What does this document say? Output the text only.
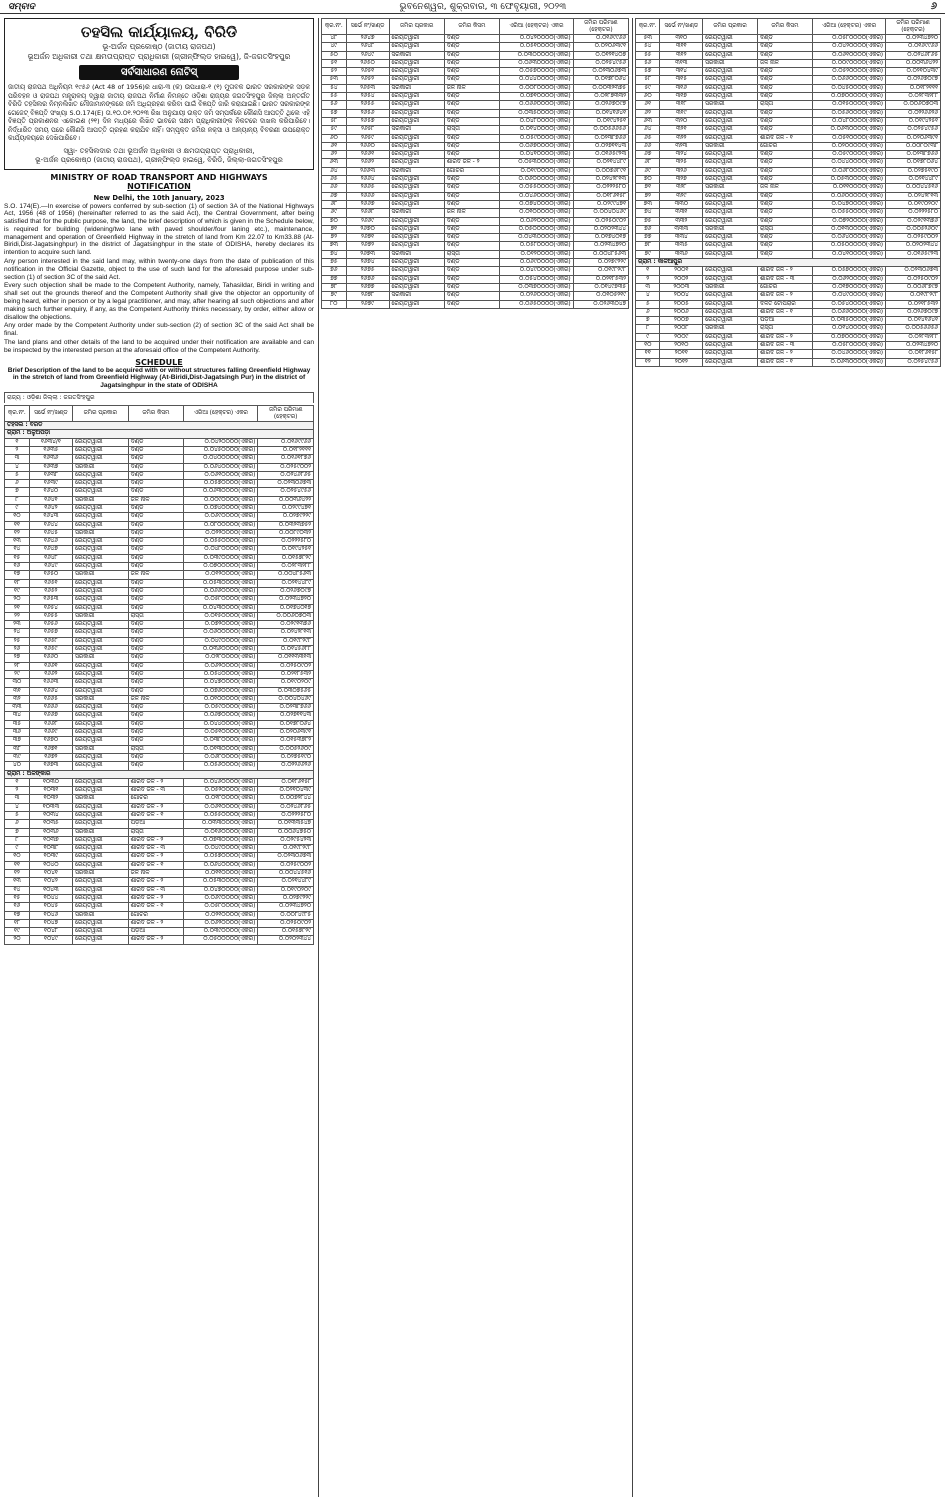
ସମ୍ବାଦ	ଭୁବନେଶ୍ୱର, ଶୁକ୍ରବାର, ୩ ଫେବୃୟାରୀ, ୨୦୨୩	୬
ତହସିଲ କାର୍ଯ୍ୟାଳୟ, ବିରିଡି
ଭୂ-ଅର୍ଜନ ପ୍ରକୋଷ୍ଠ (ଜାତୀୟ ରାଜପଥ)
ଭୂଅର୍ଜନ ଅଧିକାରୀ ତଥା କ୍ଷମତାପ୍ରାପ୍ତ ପ୍ରାଧିକାରୀ (ଗ୍ରୀନ୍‌ଫିଲ୍ଡ ହାଇୱେ), ଜି-ଜଗତସିଂହପୁର
ସର୍ବସାଧାରଣ ନୋଟିସ୍
ଜାତୀୟ ରାଜପଥ ଅଧିନିୟମ ୧୯୫୬ (Act 48 of 1956)ର ଧାରା-୩ (କ) ଉପଧାରା-୧ (୧) ମୁତାବକ ଭାରତ ସରକାରଙ୍କ ସଡ଼କ ପରିବହନ ଓ ରାଜପଥ ମନ୍ତ୍ରାଳୟ ଦ୍ୱାରା ଜାତୀୟ ରାଜପଥ ନିର୍ମାଣ ନିମନ୍ତେ ଓଡ଼ିଶା ରାଜ୍ୟର ଜଗତସିଂହପୁର ଜିଲ୍ଲା ଅନ୍ତର୍ଗତ ବିରିଡି ତହସିଲର ନିମ୍ନଲିଖିତ ମୌଜାମାନଙ୍କରେ ଜମି ଅଧିଗ୍ରହଣ କରିବା ପାଇଁ ବିଜ୍ଞପ୍ତି ଜାରି କରାଯାଇଛି। ଭାରତ ସରକାରଙ୍କ ଗେଜେଟ୍ ବିଜ୍ଞପ୍ତି ସଂଖ୍ୟା S.O.174(E) ତା.୧୦.୦୧.୨୦୨୩ ରିଖ ଅନୁଯାୟୀ ଉକ୍ତ ଜମି ସମ୍ପର୍କରେ କୌଣସି ଆପତ୍ତି ଥିଲେ ଏହି ବିଜ୍ଞପ୍ତି ପ୍ରକାଶନର ଏକୋଇଶ (୨୧) ଦିନ ମଧ୍ୟରେ ଲିଖିତ ଭାବରେ ସକ୍ଷମ ପ୍ରାଧିକାରୀଙ୍କ ନିକଟରେ ଦାଖଲ କରିପାରିବେ। ନିର୍ଦ୍ଧାରିତ ସମୟ ପରେ କୌଣସି ଆପତ୍ତି ଗ୍ରହଣ କରାଯିବ ନାହିଁ। ସମ୍ପୃକ୍ତ ଜମିର ନକ୍ସା ଓ ଅନ୍ୟାନ୍ୟ ବିବରଣୀ ଉପରୋକ୍ତ କାର୍ଯ୍ୟାଳୟରେ ଦେଖିପାରିବେ।
ସ୍ୱା- ତହସିଲଦାର ତଥା ଭୂଅର୍ଜନ ଅଧିକାରୀ ଓ କ୍ଷମତାପ୍ରାପ୍ତ ପ୍ରାଧିକାରୀ,
ଭୂ-ଅର୍ଜନ ପ୍ରକୋଷ୍ଠ (ଜାତୀୟ ରାଜପଥ), ଗ୍ରୀନ୍‌ଫିଲ୍ଡ ହାଇୱେ, ବିରିଡି, ଜିଲ୍ଲା-ଜଗତସିଂହପୁର
MINISTRY OF ROAD TRANSPORT AND HIGHWAYS
NOTIFICATION
New Delhi, the 10th January, 2023
S.O. 174(E).—In exercise of powers conferred by sub-section (1) of section 3A of the National Highways Act, 1956 (48 of 1956) (hereinafter referred to as the said Act), the Central Government, after being satisfied that for the public purpose, the land, the brief description of which is given in the Schedule below, is required for building (widening/two lane with paved shoulder/four laning etc.), maintenance, management and operation of Greenfield Highway in the stretch of land from Km 22.07 to Km33.88 (At-Biridi,Dist-Jagatsinghpur) in the district of Jagatsinghpur in the state of ODISHA, hereby declares its intention to acquire such land.
Any person interested in the said land may, within twenty-one days from the date of publication of this notification in the Official Gazette, object to the use of such land for the aforesaid purpose under sub-section (1) of section 3C of the said Act.
Every such objection shall be made to the Competent Authority, namely, Tahasildar, Biridi in writing and shall set out the grounds thereof and the Competent Authority shall give the objector an opportunity of being heard, either in person or by a legal practitioner, and may, after hearing all such objections and after making such further enquiry, if any, as the Competent Authority thinks necessary, by order, either allow or disallow the objections.
Any order made by the Competent Authority under sub-section (2) of section 3C of the said Act shall be final.
The land plans and other details of the land to be acquired under their notification are available and can be inspected by the interested person at the aforesaid office of the Competent Authority.
SCHEDULE
Brief Description of the land to be acquired with or without structures falling Greenfield Highway in the stretch of land from Greenfield Highway (At-Biridi,Dist-Jagatsingh Pur) in the district of Jagatsinghpur in the state of ODISHA
ରାଜ୍ୟ : ଓଡ଼ିଶା ଜିଲ୍ଲା : ଜଗତସିଂହପୁର
କ୍ର.ନଂ.	ସର୍ଭେ ନଂ/ଖଣ୍ଡ	ଜମିର ପ୍ରକାର	ଜମିର କିସମ	ଏରିଆ (ହେକ୍ଟର) ଏକର	ଜମିର ପରିମାଣ (ହେକ୍ଟର)
ତହସିଲ : ବିରିଡି					
ଗ୍ରାମ : ଅଳୁଅପଡ଼ା					
୧	୧୬୩୪/୧	ରେୟତୱାରୀ	ଦଣ୍ଡ	୦.୦୪୨୦୦୦୦(ଏକର)	୦.୦୧୬୯୯୬୬
୨	୧୬୩୫	ରେୟତୱାରୀ	ଦଣ୍ଡ	୦.୦୪୫୦୦୦୦(ଏକର)	୦.୦୧୮୨୧୧୧
୩	୧୬୩୬	ରେୟତୱାରୀ	ଦଣ୍ଡ	୦.୦୪୦୦୦୦୦(ଏକର)	୦.୦୧୬୧୮୭୬
୪	୧୬୩୭	ସରକାରୀ	ଦଣ୍ଡ	୦.୦୬୪୦୦୦୦(ଏକର)	୦.୦୨୫୯୦୦୨
୫	୧୬୩୮	ରେୟତୱାରୀ	ଦଣ୍ଡ	୦.୦୬୧୦୦୦୦(ଏକର)	୦.୦୨୪୬୮୬୫
୬	୧୬୩୯	ରେୟତୱାରୀ	ଦଣ୍ଡ	୦.୦୫୭୦୦୦୦(ଏକର)	୦.୦୨୩୦୬୭୩
୭	୧୬୪୦	ରେୟତୱାରୀ	ଦଣ୍ଡ	୦.୦୬୩୦୦୦୦(ଏକର)	୦.୦୨୫୪୯୫୬
୮	୧୬୪୧	ସରକାରୀ	ଜଳ ନାଳ	୦.୦୦୯୦୦୦୦(ଏକର)	୦.୦୦୩୬୪୨୨
୯	୧୬୪୨	ରେୟତୱାରୀ	ଦଣ୍ଡ	୦.୦୭୪୦୦୦୦(ଏକର)	୦.୦୨୯୯୪୭୧
୧୦	୧୬୪୩	ରେୟତୱାରୀ	ଦଣ୍ଡ	୦.୦୬୯୦୦୦୦(ଏକର)	୦.୦୨୭୯୨୨୯
୧୧	୧୬୪୪	ରେୟତୱାରୀ	ଦଣ୍ଡ	୦.୦୮୦୦୦୦୦(ଏକର)	୦.୦୩୨୩୭୫୨
୧୨	୧୬୪୫	ସରକାରୀ	ଦଣ୍ଡ	୦.୦୨୨୦୦୦୦(ଏକର)	୦.୦୦୮୯୦୩୨
୧୩	୧୬୪୬	ରେୟତୱାରୀ	ଦଣ୍ଡ	୦.୦୫୫୦୦୦୦(ଏକର)	୦.୦୨୨୨୫୮୦
୧୪	୧୬୪୭	ରେୟତୱାରୀ	ଦଣ୍ଡ	୦.୦୪୮୦୦୦୦(ଏକର)	୦.୦୧୯୪୨୫୧
୧୫	୧୬୪୮	ରେୟତୱାରୀ	ଦଣ୍ଡ	୦.୦୩୯୦୦୦୦(ଏକର)	୦.୦୧୫୭୮୨୯
୧୬	୧୬୪୯	ରେୟତୱାରୀ	ଦଣ୍ଡ	୦.୦୭୦୦୦୦୦(ଏକର)	୦.୦୨୮୩୨୮୮
୧୭	୧୬୫୦	ସରକାରୀ	ଜଳ ନାଳ	୦.୦୧୨୦୦୦୦(ଏକର)	୦.୦୦୪୮୫୬୩
୧୮	୧୬୫୧	ରେୟତୱାରୀ	ଦଣ୍ଡ	୦.୦୫୩୦୦୦୦(ଏକର)	୦.୦୨୧୪୪୮୯
୧୯	୧୬୫୨	ରେୟତୱାରୀ	ଦଣ୍ଡ	୦.୦୬୬୦୦୦୦(ଏକର)	୦.୦୨୬୭୦୯୭
୨୦	୧୬୫୩	ରେୟତୱାରୀ	ଦଣ୍ଡ	୦.୦୫୮୦୦୦୦(ଏକର)	୦.୦୨୩୪୭୨୦
୨୧	୧୬୫୪	ରେୟତୱାରୀ	ଦଣ୍ଡ	୦.୦୪୩୦୦୦୦(ଏକର)	୦.୦୧୭୪୦୧୭
୨୨	୧୬୫୫	ସରକାରୀ	ରାସ୍ତା	୦.୦୧୫୦୦୦୦(ଏକର)	୦.୦୦୬୦୭୦୩
୨୩	୧୬୫୬	ରେୟତୱାରୀ	ଦଣ୍ଡ	୦.୦୭୨୦୦୦୦(ଏକର)	୦.୦୨୯୧୩୭୬
୨୪	୧୬୫୭	ରେୟତୱାରୀ	ଦଣ୍ଡ	୦.୦୬୦୦୦୦୦(ଏକର)	୦.୦୨୪୨୮୧୩
୨୫	୧୬୫୮	ରେୟତୱାରୀ	ଦଣ୍ଡ	୦.୦୪୯୦୦୦୦(ଏକର)	୦.୦୧୯୮୨୯୮
୨୬	୧୬୫୯	ରେୟତୱାରୀ	ଦଣ୍ଡ	୦.୦୩୬୦୦୦୦(ଏକର)	୦.୦୧୪୫୬୮୮
୨୭	୧୬୬୦	ସରକାରୀ	ଦଣ୍ଡ	୦.୦୨୮୦୦୦୦(ଏକର)	୦.୦୧୧୩୩୧୩
୨୮	୧୬୬୧	ରେୟତୱାରୀ	ଦଣ୍ଡ	୦.୦୬୨୦୦୦୦(ଏକର)	୦.୦୨୫୦୯୦୨
୨୯	୧୬୬୨	ରେୟତୱାରୀ	ଦଣ୍ଡ	୦.୦୫୪୦୦୦୦(ଏକର)	୦.୦୨୧୮୫୩୨
୩୦	୧୬୬୩	ରେୟତୱାରୀ	ଦଣ୍ଡ	୦.୦୪୭୦୦୦୦(ଏକର)	୦.୦୧୯୦୨୦୯
୩୧	୧୬୬୪	ରେୟତୱାରୀ	ଦଣ୍ଡ	୦.୦୭୬୦୦୦୦(ଏକର)	୦.୦୩୦୭୫୬୫
୩୨	୧୬୬୫	ସରକାରୀ	ଜଳ ନାଳ	୦.୦୧୦୦୦୦୦(ଏକର)	୦.୦୦୪୦୪୬୯
୩୩	୧୬୬୬	ରେୟତୱାରୀ	ଦଣ୍ଡ	୦.୦୫୯୦୦୦୦(ଏକର)	୦.୦୨୩୮୭୬୬
୩୪	୧୬୬୭	ରେୟତୱାରୀ	ଦଣ୍ଡ	୦.୦୬୭୦୦୦୦(ଏକର)	୦.୦୨୭୧୧୪୩
୩୫	୧୬୬୮	ରେୟତୱାରୀ	ଦଣ୍ଡ	୦.୦୪୪୦୦୦୦(ଏକର)	୦.୦୧୭୮୦୬୪
୩୬	୧୬୬୯	ରେୟତୱାରୀ	ଦଣ୍ଡ	୦.୦୫୧୦୦୦୦(ଏକର)	୦.୦୨୦୬୩୯୧
୩୭	୧୬୭୦	ରେୟତୱାରୀ	ଦଣ୍ଡ	୦.୦୩୮୦୦୦୦(ଏକର)	୦.୦୧୫୩୭୮୨
୩୮	୧୬୭୧	ସରକାରୀ	ରାସ୍ତା	୦.୦୧୩୦୦୦୦(ଏକର)	୦.୦୦୫୨୬୦୯
୩୯	୧୬୭୨	ରେୟତୱାରୀ	ଦଣ୍ଡ	୦.୦୬୮୦୦୦୦(ଏକର)	୦.୦୨୭୫୧୯୦
୪୦	୧୬୭୩	ରେୟତୱାରୀ	ଦଣ୍ଡ	୦.୦୫୬୦୦୦୦(ଏକର)	୦.୦୨୨୬୬୨୬
ଗ୍ରାମ : ଅଳଙ୍କାର					
୧	୧୦୩୦	ରେୟତୱାରୀ	ଶାରଦ ଜଳ - ୨	୦.୦୪୬୦୦୦୦(ଏକର)	୦.୦୧୮୬୧୫୮
୨	୧୦୩୧	ରେୟତୱାରୀ	ଶାରଦ ଜଳ - ୩	୦.୦୫୨୦୦୦୦(ଏକର)	୦.୦୨୧୦୪୩୯
୩	୧୦୩୨	ସରକାରୀ	ଗୋଚର	୦.୦୧୮୦୦୦୦(ଏକର)	୦.୦୦୭୨୮୪୪
୪	୧୦୩୩	ରେୟତୱାରୀ	ଶାରଦ ଜଳ - ୨	୦.୦୬୧୦୦୦୦(ଏକର)	୦.୦୨୪୬୮୬୫
୫	୧୦୩୪	ରେୟତୱାରୀ	ଶାରଦ ଜଳ - ୧	୦.୦୫୫୦୦୦୦(ଏକର)	୦.୦୨୨୨୫୮୦
୬	୧୦୩୫	ରେୟତୱାରୀ	ପଡ଼ିଆ	୦.୦୩୩୦୦୦୦(ଏକର)	୦.୦୧୩୩୫୪୭
୭	୧୦୩୬	ସରକାରୀ	ରାସ୍ତା	୦.୦୧୬୦୦୦୦(ଏକର)	୦.୦୦୬୪୭୫୦
୮	୧୦୩୭	ରେୟତୱାରୀ	ଶାରଦ ଜଳ - ୨	୦.୦୭୩୦୦୦୦(ଏକର)	୦.୦୨୯୫୪୨୩
୯	୧୦୩୮	ରେୟତୱାରୀ	ଶାରଦ ଜଳ - ୩	୦.୦୪୯୦୦୦୦(ଏକର)	୦.୦୧୯୮୨୯୮
୧୦	୧୦୩୯	ରେୟତୱାରୀ	ଶାରଦ ଜଳ - ୨	୦.୦୫୭୦୦୦୦(ଏକର)	୦.୦୨୩୦୬୭୩
୧୧	୧୦୪୦	ରେୟତୱାରୀ	ଶାରଦ ଜଳ - ୧	୦.୦୬୪୦୦୦୦(ଏକର)	୦.୦୨୫୯୦୦୨
୧୨	୧୦୪୧	ସରକାରୀ	ଜଳ ନାଳ	୦.୦୧୧୦୦୦୦(ଏକର)	୦.୦୦୪୪୫୧୬
୧୩	୧୦୪୨	ରେୟତୱାରୀ	ଶାରଦ ଜଳ - ୨	୦.୦୫୩୦୦୦୦(ଏକର)	୦.୦୨୧୪୪୮୯
୧୪	୧୦୪୩	ରେୟତୱାରୀ	ଶାରଦ ଜଳ - ୩	୦.୦୪୭୦୦୦୦(ଏକର)	୦.୦୧୯୦୨୦୯
୧୫	୧୦୪୪	ରେୟତୱାରୀ	ଶାରଦ ଜଳ - ୨	୦.୦୬୯୦୦୦୦(ଏକର)	୦.୦୨୭୯୨୨୯
୧୬	୧୦୪୫	ରେୟତୱାରୀ	ଶାରଦ ଜଳ - ୧	୦.୦୫୮୦୦୦୦(ଏକର)	୦.୦୨୩୪୭୨୦
୧୭	୧୦୪୬	ସରକାରୀ	ଗୋଚର	୦.୦୨୧୦୦୦୦(ଏକର)	୦.୦୦୮୪୯୮୫
୧୮	୧୦୪୭	ରେୟତୱାରୀ	ଶାରଦ ଜଳ - ୨	୦.୦୬୨୦୦୦୦(ଏକର)	୦.୦୨୫୦୯୦୨
୧୯	୧୦୪୮	ରେୟତୱାରୀ	ପଡ଼ିଆ	୦.୦୩୯୦୦୦୦(ଏକର)	୦.୦୧୫୭୮୨୯
୨୦	୧୦୪୯	ରେୟତୱାରୀ	ଶାରଦ ଜଳ - ୨	୦.୦୫୦୦୦୦୦(ଏକର)	୦.୦୨୦୨୩୪୪
କ୍ର.ନଂ.	ସର୍ଭେ ନଂ/ଖଣ୍ଡ	ଜମିର ପ୍ରକାର	ଜମିର କିସମ	ଏରିଆ (ହେକ୍ଟର) ଏକର	ଜମିର ପରିମାଣ (ହେକ୍ଟର)
୪୮	୨୬୪୭	ରେୟତୱାରୀ	ଦଣ୍ଡ	୦.୦୪୨୦୦୦୦(ଏକର)	୦.୦୧୬୯୯୬୬
୪୯	୨୬୪୮	ରେୟତୱାରୀ	ଦଣ୍ଡ	୦.୦୫୧୦୦୦୦(ଏକର)	୦.୦୨୦୬୩୯୧
୫୦	୨୬୪୯	ସରକାରୀ	ଦଣ୍ଡ	୦.୦୩୦୦୦୦୦(ଏକର)	୦.୦୧୨୧୪୦୭
୫୧	୨୬୫୦	ରେୟତୱାରୀ	ଦଣ୍ଡ	୦.୦୬୩୦୦୦୦(ଏକର)	୦.୦୨୫୪୯୫୬
୫୨	୨୬୫୧	ରେୟତୱାରୀ	ଦଣ୍ଡ	୦.୦୫୭୦୦୦୦(ଏକର)	୦.୦୨୩୦୬୭୩
୫୩	୨୬୫୨	ରେୟତୱାରୀ	ଦଣ୍ଡ	୦.୦୪୪୦୦୦୦(ଏକର)	୦.୦୧୭୮୦୬୪
୫୪	୨୬୫୩	ସରକାରୀ	ଜଳ ନାଳ	୦.୦୦୮୦୦୦୦(ଏକର)	୦.୦୦୩୨୩୭୫
୫୫	୨୬୫୪	ରେୟତୱାରୀ	ଦଣ୍ଡ	୦.୦୭୧୦୦୦୦(ଏକର)	୦.୦୨୮୭୩୩୨
୫୬	୨୬୫୫	ରେୟତୱାରୀ	ଦଣ୍ଡ	୦.୦୬୬୦୦୦୦(ଏକର)	୦.୦୨୬୭୦୯୭
୫୭	୨୬୫୬	ରେୟତୱାରୀ	ଦଣ୍ଡ	୦.୦୩୫୦୦୦୦(ଏକର)	୦.୦୧୪୧୬୪୧
୫୮	୨୬୫୭	ରେୟତୱାରୀ	ଦଣ୍ଡ	୦.୦୪୮୦୦୦୦(ଏକର)	୦.୦୧୯୪୨୫୧
୫୯	୨୬୫୮	ସରକାରୀ	ରାସ୍ତା	୦.୦୧୪୦୦୦୦(ଏକର)	୦.୦୦୫୬୬୫୬
୬୦	୨୬୫୯	ରେୟତୱାରୀ	ଦଣ୍ଡ	୦.୦୫୯୦୦୦୦(ଏକର)	୦.୦୨୩୮୭୬୬
୬୧	୨୬୬୦	ରେୟତୱାରୀ	ଦଣ୍ଡ	୦.୦୬୭୦୦୦୦(ଏକର)	୦.୦୨୭୧୧୪୩
୬୨	୨୬୬୧	ରେୟତୱାରୀ	ଦଣ୍ଡ	୦.୦୪୧୦୦୦୦(ଏକର)	୦.୦୧୬୫୯୨୩
୬୩	୨୬୬୨	ରେୟତୱାରୀ	ଶାରଦ ଜଳ - ୨	୦.୦୫୩୦୦୦୦(ଏକର)	୦.୦୨୧୪୪୮୯
୬୪	୨୬୬୩	ସରକାରୀ	ଗୋଚର	୦.୦୧୯୦୦୦୦(ଏକର)	୦.୦୦୭୬୮୯୧
୬୫	୨୬୬୪	ରେୟତୱାରୀ	ଦଣ୍ଡ	୦.୦୬୦୦୦୦୦(ଏକର)	୦.୦୨୪୨୮୧୩
୬୬	୨୬୬୫	ରେୟତୱାରୀ	ଦଣ୍ଡ	୦.୦୫୫୦୦୦୦(ଏକର)	୦.୦୨୨୨୫୮୦
୬୭	୨୬୬୬	ରେୟତୱାରୀ	ଦଣ୍ଡ	୦.୦୪୬୦୦୦୦(ଏକର)	୦.୦୧୮୬୧୫୮
୬୮	୨୬୬୭	ରେୟତୱାରୀ	ଦଣ୍ଡ	୦.୦୭୪୦୦୦୦(ଏକର)	୦.୦୨୯୯୪୭୧
୬୯	୨୬୬୮	ସରକାରୀ	ଜଳ ନାଳ	୦.୦୧୦୦୦୦୦(ଏକର)	୦.୦୦୪୦୪୬୯
୭୦	୨୬୬୯	ରେୟତୱାରୀ	ଦଣ୍ଡ	୦.୦୬୨୦୦୦୦(ଏକର)	୦.୦୨୫୦୯୦୨
୭୧	୨୬୭୦	ରେୟତୱାରୀ	ଦଣ୍ଡ	୦.୦୫୦୦୦୦୦(ଏକର)	୦.୦୨୦୨୩୪୪
୭୨	୨୬୭୧	ରେୟତୱାରୀ	ଦଣ୍ଡ	୦.୦୪୩୦୦୦୦(ଏକର)	୦.୦୧୭୪୦୧୭
୭୩	୨୬୭୨	ରେୟତୱାରୀ	ଦଣ୍ଡ	୦.୦୫୮୦୦୦୦(ଏକର)	୦.୦୨୩୪୭୨୦
୭୪	୨୬୭୩	ସରକାରୀ	ରାସ୍ତା	୦.୦୧୨୦୦୦୦(ଏକର)	୦.୦୦୪୮୫୬୩
୭୫	୨୬୭୪	ରେୟତୱାରୀ	ଦଣ୍ଡ	୦.୦୬୯୦୦୦୦(ଏକର)	୦.୦୨୭୯୨୨୯
୭୬	୨୬୭୫	ରେୟତୱାରୀ	ଦଣ୍ଡ	୦.୦୪୯୦୦୦୦(ଏକର)	୦.୦୧୯୮୨୯୮
୭୭	୨୬୭୬	ରେୟତୱାରୀ	ଦଣ୍ଡ	୦.୦୫୪୦୦୦୦(ଏକର)	୦.୦୨୧୮୫୩୨
୭୮	୨୬୭୭	ରେୟତୱାରୀ	ଦଣ୍ଡ	୦.୦୩୭୦୦୦୦(ଏକର)	୦.୦୧୪୯୭୩୫
୭୯	୨୬୭୮	ସରକାରୀ	ଦଣ୍ଡ	୦.୦୨୬୦୦୦୦(ଏକର)	୦.୦୧୦୫୨୧୯
୮୦	୨୬୭୯	ରେୟତୱାରୀ	ଦଣ୍ଡ	୦.୦୬୫୦୦୦୦(ଏକର)	୦.୦୨୬୩୦୪୭
କ୍ର.ନଂ.	ସର୍ଭେ ନଂ/ଖଣ୍ଡ	ଜମିର ପ୍ରକାର	ଜମିର କିସମ	ଏରିଆ (ହେକ୍ଟର) ଏକର	ଜମିର ପରିମାଣ (ହେକ୍ଟର)
୫୩	୩୧୦	ରେୟତୱାରୀ	ଦଣ୍ଡ	୦.୦୫୮୦୦୦୦(ଏକର)	୦.୦୨୩୪୭୨୦
୫୪	୩୧୧	ରେୟତୱାରୀ	ଦଣ୍ଡ	୦.୦୪୨୦୦୦୦(ଏକର)	୦.୦୧୬୯୯୬୬
୫୫	୩୧୨	ରେୟତୱାରୀ	ଦଣ୍ଡ	୦.୦୬୧୦୦୦୦(ଏକର)	୦.୦୨୪୬୮୬୫
୫୬	୩୧୩	ସରକାରୀ	ଜଳ ନାଳ	୦.୦୦୯୦୦୦୦(ଏକର)	୦.୦୦୩୬୪୨୨
୫୭	୩୧୪	ରେୟତୱାରୀ	ଦଣ୍ଡ	୦.୦୫୨୦୦୦୦(ଏକର)	୦.୦୨୧୦୪୩୯
୫୮	୩୧୫	ରେୟତୱାରୀ	ଦଣ୍ଡ	୦.୦୬୬୦୦୦୦(ଏକର)	୦.୦୨୬୭୦୯୭
୫୯	୩୧୬	ରେୟତୱାରୀ	ଦଣ୍ଡ	୦.୦୪୫୦୦୦୦(ଏକର)	୦.୦୧୮୨୧୧୧
୬୦	୩୧୭	ରେୟତୱାରୀ	ଦଣ୍ଡ	୦.୦୭୦୦୦୦୦(ଏକର)	୦.୦୨୮୩୨୮୮
୬୧	୩୧୮	ସରକାରୀ	ରାସ୍ତା	୦.୦୧୫୦୦୦୦(ଏକର)	୦.୦୦୬୦୭୦୩
୬୨	୩୧୯	ରେୟତୱାରୀ	ଦଣ୍ଡ	୦.୦୫୬୦୦୦୦(ଏକର)	୦.୦୨୨୬୬୨୬
୬୩	୩୨୦	ରେୟତୱାରୀ	ଦଣ୍ଡ	୦.୦୪୮୦୦୦୦(ଏକର)	୦.୦୧୯୪୨୫୧
୬୪	୩୨୧	ରେୟତୱାରୀ	ଦଣ୍ଡ	୦.୦୬୩୦୦୦୦(ଏକର)	୦.୦୨୫୪୯୫୬
୬୫	୩୨୨	ରେୟତୱାରୀ	ଶାରଦ ଜଳ - ୧	୦.୦୫୧୦୦୦୦(ଏକର)	୦.୦୨୦୬୩୯୧
୬୬	୩୨୩	ସରକାରୀ	ଗୋଚର	୦.୦୨୦୦୦୦୦(ଏକର)	୦.୦୦୮୦୯୩୮
୬୭	୩୨୪	ରେୟତୱାରୀ	ଦଣ୍ଡ	୦.୦୫୯୦୦୦୦(ଏକର)	୦.୦୨୩୮୭୬୬
୬୮	୩୨୫	ରେୟତୱାରୀ	ଦଣ୍ଡ	୦.୦୪୪୦୦୦୦(ଏକର)	୦.୦୧୭୮୦୬୪
୬୯	୩୨୬	ରେୟତୱାରୀ	ଦଣ୍ଡ	୦.୦୬୮୦୦୦୦(ଏକର)	୦.୦୨୭୫୧୯୦
୭୦	୩୨୭	ରେୟତୱାରୀ	ଦଣ୍ଡ	୦.୦୫୩୦୦୦୦(ଏକର)	୦.୦୨୧୪୪୮୯
୭୧	୩୨୮	ସରକାରୀ	ଜଳ ନାଳ	୦.୦୧୧୦୦୦୦(ଏକର)	୦.୦୦୪୪୫୧୬
୭୨	୩୨୯	ରେୟତୱାରୀ	ଦଣ୍ଡ	୦.୦୬୦୦୦୦୦(ଏକର)	୦.୦୨୪୨୮୧୩
୭୩	୩୩୦	ରେୟତୱାରୀ	ଦଣ୍ଡ	୦.୦୪୭୦୦୦୦(ଏକର)	୦.୦୧୯୦୨୦୯
୭୪	୩୩୧	ରେୟତୱାରୀ	ଦଣ୍ଡ	୦.୦୫୫୦୦୦୦(ଏକର)	୦.୦୨୨୨୫୮୦
୭୫	୩୩୨	ରେୟତୱାରୀ	ଦଣ୍ଡ	୦.୦୭୨୦୦୦୦(ଏକର)	୦.୦୨୯୧୩୭୬
୭୬	୩୩୩	ସରକାରୀ	ରାସ୍ତା	୦.୦୧୩୦୦୦୦(ଏକର)	୦.୦୦୫୨୬୦୯
୭୭	୩୩୪	ରେୟତୱାରୀ	ଦଣ୍ଡ	୦.୦୬୪୦୦୦୦(ଏକର)	୦.୦୨୫୯୦୦୨
୭୮	୩୩୫	ରେୟତୱାରୀ	ଦଣ୍ଡ	୦.୦୫୦୦୦୦୦(ଏକର)	୦.୦୨୦୨୩୪୪
୭୯	୩୩୬	ରେୟତୱାରୀ	ଦଣ୍ଡ	୦.୦୪୧୦୦୦୦(ଏକର)	୦.୦୧୬୫୯୨୩
ଗ୍ରାମ : କାଳିଆପୁର					
୧	୨୦୦୧	ରେୟତୱାରୀ	ଶାରଦ ଜଳ - ୨	୦.୦୫୭୦୦୦୦(ଏକର)	୦.୦୨୩୦୬୭୩
୨	୨୦୦୨	ରେୟତୱାରୀ	ଶାରଦ ଜଳ - ୩	୦.୦୬୨୦୦୦୦(ଏକର)	୦.୦୨୫୦୯୦୨
୩	୨୦୦୩	ସରକାରୀ	ଗୋଚର	୦.୦୧୭୦୦୦୦(ଏକର)	୦.୦୦୬୮୭୯୭
୪	୨୦୦୪	ରେୟତୱାରୀ	ଶାରଦ ଜଳ - ୨	୦.୦୪୯୦୦୦୦(ଏକର)	୦.୦୧୯୮୨୯୮
୫	୨୦୦୫	ରେୟତୱାରୀ	ଦଳିତ ଟୋପରାରି	୦.୦୫୪୦୦୦୦(ଏକର)	୦.୦୨୧୮୫୩୨
୬	୨୦୦୬	ରେୟତୱାରୀ	ଶାରଦ ଜଳ - ୧	୦.୦୬୬୦୦୦୦(ଏକର)	୦.୦୨୬୭୦୯୭
୭	୨୦୦୭	ରେୟତୱାରୀ	ପଡ଼ିଆ	୦.୦୩୫୦୦୦୦(ଏକର)	୦.୦୧୪୧୬୪୧
୮	୨୦୦୮	ସରକାରୀ	ରାସ୍ତା	୦.୦୧୪୦୦୦୦(ଏକର)	୦.୦୦୫୬୬୫୬
୯	୨୦୦୯	ରେୟତୱାରୀ	ଶାରଦ ଜଳ - ୨	୦.୦୭୦୦୦୦୦(ଏକର)	୦.୦୨୮୩୨୮୮
୧୦	୨୦୧୦	ରେୟତୱାରୀ	ଶାରଦ ଜଳ - ୩	୦.୦୫୮୦୦୦୦(ଏକର)	୦.୦୨୩୪୭୨୦
୧୧	୨୦୧୧	ରେୟତୱାରୀ	ଶାରଦ ଜଳ - ୨	୦.୦୪୬୦୦୦୦(ଏକର)	୦.୦୧୮୬୧୫୮
୧୨	୨୦୧୨	ରେୟତୱାରୀ	ଶାରଦ ଜଳ - ୧	୦.୦୬୩୦୦୦୦(ଏକର)	୦.୦୨୫୪୯୫୬
